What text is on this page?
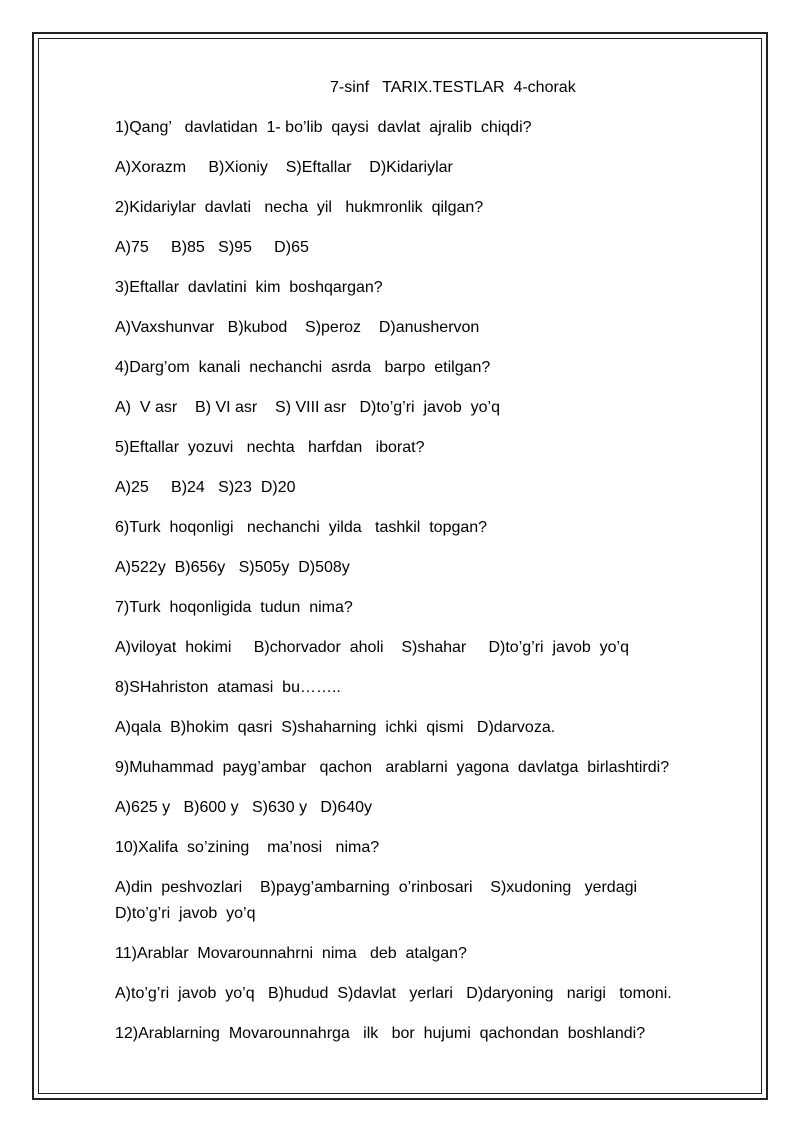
7-sinf   TARIX.TESTLAR  4-chorak
1)Qang’   davlatidan  1- bo’lib  qaysi  davlat  ajralib  chiqdi?
A)Xorazm     B)Xioniy    S)Eftallar    D)Kidariylar
2)Kidariylar  davlati   necha  yil   hukmronlik  qilgan?
A)75     B)85   S)95     D)65
3)Eftallar  davlatini  kim  boshqargan?
A)Vaxshunvar   B)kubod    S)peroz    D)anushervon
4)Darg’om  kanali  nechanchi  asrda   barpo  etilgan?
A)  V asr    B) VI asr    S) VIII asr   D)to’g’ri  javob  yo’q
5)Eftallar  yozuvi   nechta   harfdan   iborat?
A)25     B)24   S)23  D)20
6)Turk  hoqonligi   nechanchi  yilda   tashkil  topgan?
A)522y  B)656y   S)505y  D)508y
7)Turk  hoqonligida  tudun  nima?
A)viloyat  hokimi     B)chorvador  aholi    S)shahar     D)to’g’ri  javob  yo’q
8)SHahriston  atamasi  bu……..
A)qala  B)hokim  qasri  S)shaharning  ichki  qismi   D)darvoza.
9)Muhammad  payg’ambar   qachon   arablarni  yagona  davlatga  birlashtirdi?
A)625 y   B)600 y   S)630 y   D)640y
10)Xalifa  so’zining    ma’nosi   nima?
A)din  peshvozlari    B)payg’ambarning  o’rinbosari    S)xudoning   yerdagi
D)to’g’ri  javob  yo’q
11)Arablar  Movarounnahrni  nima   deb  atalgan?
A)to’g’ri  javob  yo’q   B)hudud  S)davlat   yerlari   D)daryoning   narigi   tomoni.
12)Arablarning  Movarounnahrga   ilk   bor  hujumi  qachondan  boshlandi?
